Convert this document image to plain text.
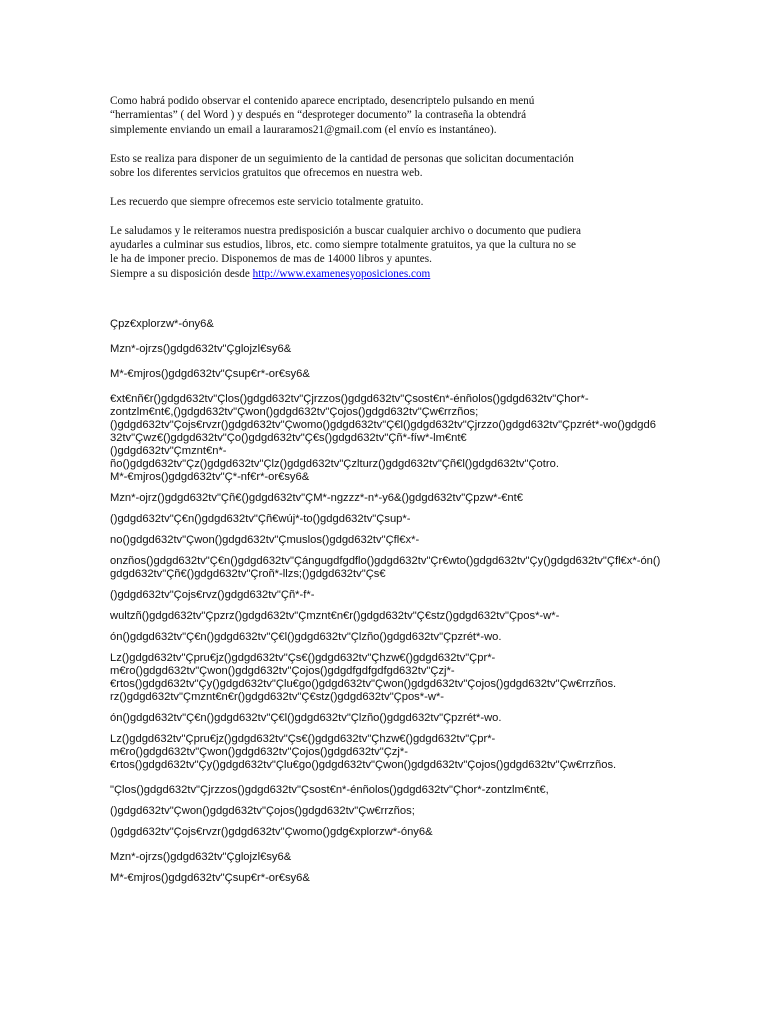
Como habrá podido observar el contenido aparece encriptado, desencriptelo pulsando en menú
“herramientas” ( del Word ) y después en “desproteger documento” la contraseña la obtendrá
simplemente enviando un email a lauraramos21@gmail.com (el envío es instantáneo).

Esto se realiza para disponer de un seguimiento de la cantidad de personas que solicitan documentación
sobre los diferentes servicios gratuitos que ofrecemos en nuestra web.

Les recuerdo que siempre ofrecemos este servicio totalmente gratuito.

Le saludamos y le reiteramos nuestra predisposición a buscar cualquier archivo o documento que pudiera
ayudarles a culminar sus estudios, libros, etc. como siempre totalmente gratuitos, ya que la cultura no se
le ha de imponer precio. Disponemos de mas de 14000 libros y apuntes.
Siempre a su disposición desde http://www.examenesyoposiciones.com

Çpz€xplorzw*-óny6&

Mzn*-ojrzs()gdgd632tv"Çglojzl€sy6&

M*-€mjros()gdgd632tv"Çsup€r*-or€sy6&

€xt€nñ€r()gdgd632tv"Çlos()gdgd632tv"Çjrzzos()gdgd632tv"Çsost€n*-énñolos()gdgd632tv"Çhor*-
zontzlm€nt€,()gdgd632tv"Çwon()gdgd632tv"Çojos()gdgd632tv"Çw€rrzños;
()gdgd632tv"Çojs€rvzr()gdgd632tv"Çwomo()gdgd632tv"Ç€l()gdgd632tv"Çjrzzo()gdgd632tv"Çpzrét*-wo()gdgd632tv"Çwz€()gdgd632tv"Ço()gdgd632tv"Ç€s()gdgd632tv"Çñ*-fíw*-lm€nt€
()gdgd632tv"Çmznt€n*-
ño()gdgd632tv"Çz()gdgd632tv"Çlz()gdgd632tv"Çzlturz()gdgd632tv"Çñ€l()gdgd632tv"Çotro.
M*-€mjros()gdgd632tv"Ç*-nf€r*-or€sy6&

Mzn*-ojrz()gdgd632tv"Çñ€()gdgd632tv"ÇM*-ngzzz*-n*-y6&()gdgd632tv"Çpzw*-€nt€

()gdgd632tv"Ç€n()gdgd632tv"Çñ€wúj*-to()gdgd632tv"Çsup*-

no()gdgd632tv"Çwon()gdgd632tv"Çmuslos()gdgd632tv"Çfl€x*-

onzños()gdgd632tv"Ç€n()gdgd632tv"Çángugdfgdflo()gdgd632tv"Çr€wto()gdgd632tv"Çy()gdgd632tv"Çfl€x*-ón()gdgd632tv"Çñ€()gdgd632tv"Çroñ*-llzs;()gdgd632tv"Çs€

()gdgd632tv"Çojs€rvz()gdgd632tv"Çñ*-f*-

wultzñ()gdgd632tv"Çpzrz()gdgd632tv"Çmznt€n€r()gdgd632tv"Ç€stz()gdgd632tv"Çpos*-w*-

ón()gdgd632tv"Ç€n()gdgd632tv"Ç€l()gdgd632tv"Çlzño()gdgd632tv"Çpzrét*-wo.

Lz()gdgd632tv"Çpru€jz()gdgd632tv"Çs€()gdgd632tv"Çhzw€()gdgd632tv"Çpr*-
m€ro()gdgd632tv"Çwon()gdgd632tv"Çojos()gdgdfgdfgdfgd632tv"Çzj*-
€rtos()gdgd632tv"Çy()gdgd632tv"Çlu€go()gdgd632tv"Çwon()gdgd632tv"Çojos()gdgd632tv"Çw€rrzños.
rz()gdgd632tv"Çmznt€n€r()gdgd632tv"Ç€stz()gdgd632tv"Çpos*-w*-

ón()gdgd632tv"Ç€n()gdgd632tv"Ç€l()gdgd632tv"Çlzño()gdgd632tv"Çpzrét*-wo.

Lz()gdgd632tv"Çpru€jz()gdgd632tv"Çs€()gdgd632tv"Çhzw€()gdgd632tv"Çpr*-
m€ro()gdgd632tv"Çwon()gdgd632tv"Çojos()gdgd632tv"Çzj*-
€rtos()gdgd632tv"Çy()gdgd632tv"Çlu€go()gdgd632tv"Çwon()gdgd632tv"Çojos()gdgd632tv"Çw€rrzños.

"Çlos()gdgd632tv"Çjrzzos()gdgd632tv"Çsost€n*-énñolos()gdgd632tv"Çhor*-zontzlm€nt€,

()gdgd632tv"Çwon()gdgd632tv"Çojos()gdgd632tv"Çw€rrzños;

()gdgd632tv"Çojs€rvzr()gdgd632tv"Çwomo()gdg€xplorzw*-óny6&

Mzn*-ojrzs()gdgd632tv"Çglojzl€sy6&

M*-€mjros()gdgd632tv"Çsup€r*-or€sy6&
